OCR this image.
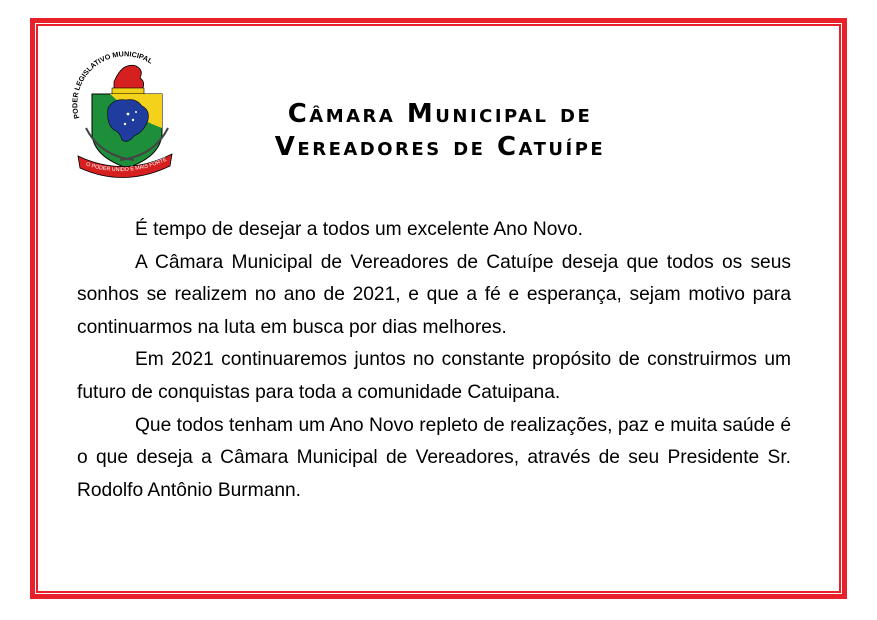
PODER LEGISLATIVO MUNICIPAL
O PODER UNIDO É MAIS FORTE
Câmara Municipal de
Vereadores de Catuípe

É tempo de desejar a todos um excelente Ano Novo.

A Câmara Municipal de Vereadores de Catuípe deseja que todos os seus sonhos se realizem no ano de 2021, e que a fé e esperança, sejam motivo para continuarmos na luta em busca por dias melhores.

Em 2021 continuaremos juntos no constante propósito de construirmos um futuro de conquistas para toda a comunidade Catuipana.

Que todos tenham um Ano Novo repleto de realizações, paz e muita saúde é o que deseja a Câmara Municipal de Vereadores, através de seu Presidente Sr. Rodolfo Antônio Burmann.
